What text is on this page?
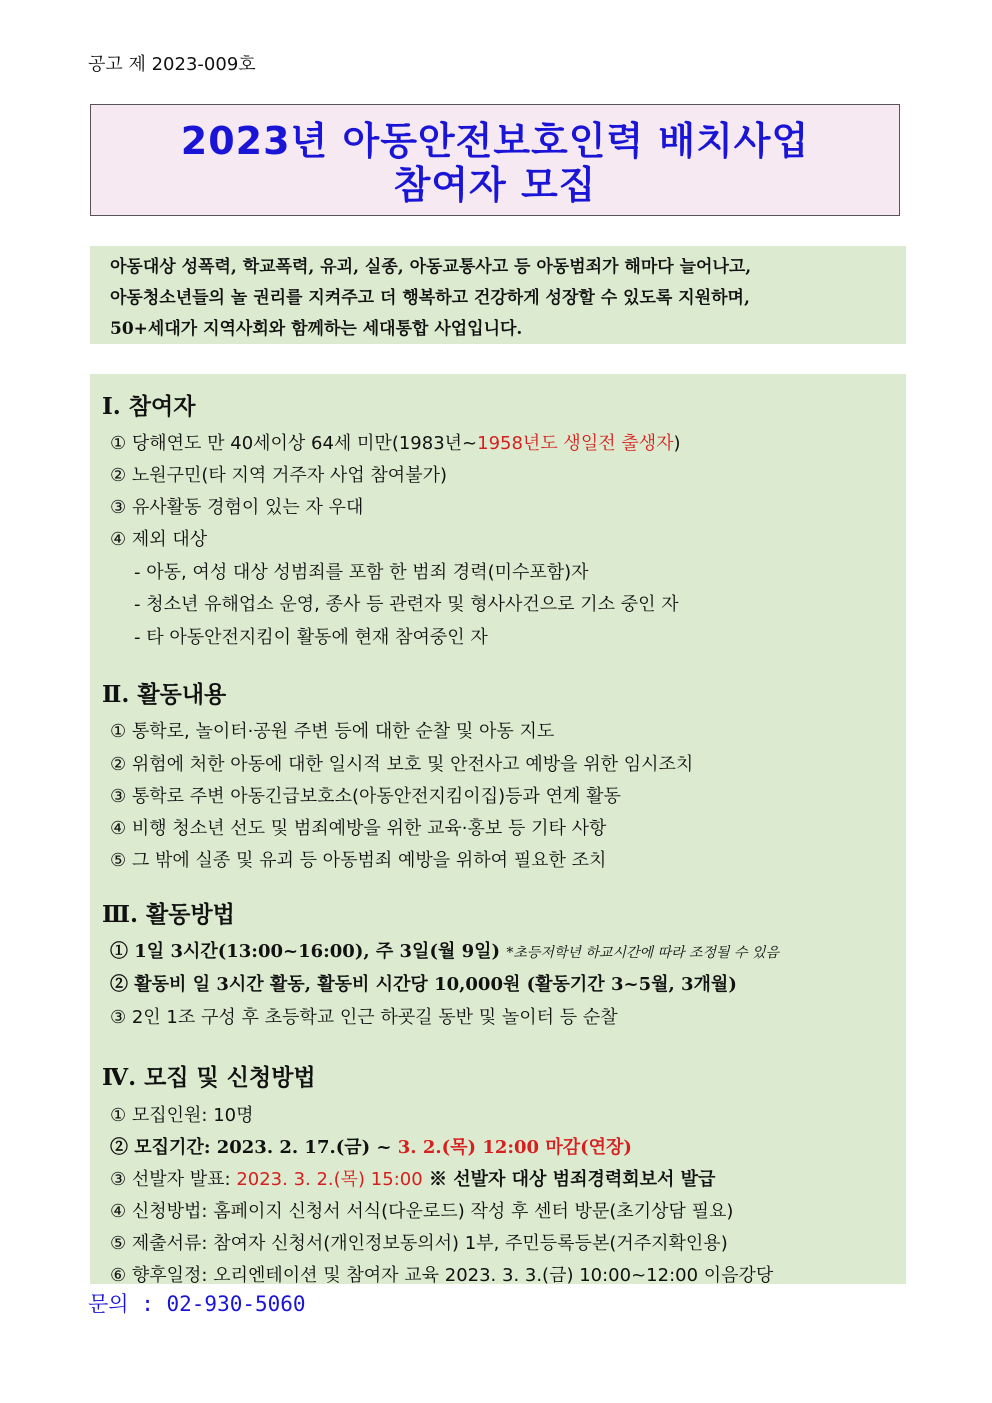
공고 제 2023-009호
2023년 아동안전보호인력 배치사업
참여자 모집
아동대상 성폭력, 학교폭력, 유괴, 실종, 아동교통사고 등 아동범죄가 해마다 늘어나고,
아동청소년들의 놀 권리를 지켜주고 더 행복하고 건강하게 성장할 수 있도록 지원하며,
50+세대가 지역사회와 함께하는 세대통합 사업입니다.
Ⅰ. 참여자
① 당해연도 만 40세이상 64세 미만(1983년~1958년도 생일전 출생자)
② 노원구민(타 지역 거주자 사업 참여불가)
③ 유사활동 경험이 있는 자 우대
④ 제외 대상
- 아동, 여성 대상 성범죄를 포함 한 범죄 경력(미수포함)자
- 청소년 유해업소 운영, 종사 등 관련자 및 형사사건으로 기소 중인 자
- 타 아동안전지킴이 활동에 현재 참여중인 자
Ⅱ. 활동내용
① 통학로, 놀이터·공원 주변 등에 대한 순찰 및 아동 지도
② 위험에 처한 아동에 대한 일시적 보호 및 안전사고 예방을 위한 임시조치
③ 통학로 주변 아동긴급보호소(아동안전지킴이집)등과 연계 활동
④ 비행 청소년 선도 및 범죄예방을 위한 교육·홍보 등 기타 사항
⑤ 그 밖에 실종 및 유괴 등 아동범죄 예방을 위하여 필요한 조치
Ⅲ. 활동방법
① 1일 3시간(13:00~16:00), 주 3일(월 9일) *초등저학년 하교시간에 따라 조정될 수 있음
② 활동비 일 3시간 활동, 활동비 시간당 10,000원 (활동기간 3~5월, 3개월)
③ 2인 1조 구성 후 초등학교 인근 하굣길 동반 및 놀이터 등 순찰
Ⅳ. 모집 및 신청방법
① 모집인원: 10명
② 모집기간: 2023. 2. 17.(금) ~ 3. 2.(목) 12:00 마감(연장)
③ 선발자 발표: 2023. 3. 2.(목) 15:00 ※ 선발자 대상 범죄경력회보서 발급
④ 신청방법: 홈페이지 신청서 서식(다운로드) 작성 후 센터 방문(초기상담 필요)
⑤ 제출서류: 참여자 신청서(개인정보동의서) 1부, 주민등록등본(거주지확인용)
⑥ 향후일정: 오리엔테이션 및 참여자 교육 2023. 3. 3.(금) 10:00~12:00 이음강당
문의 : 02-930-5060
